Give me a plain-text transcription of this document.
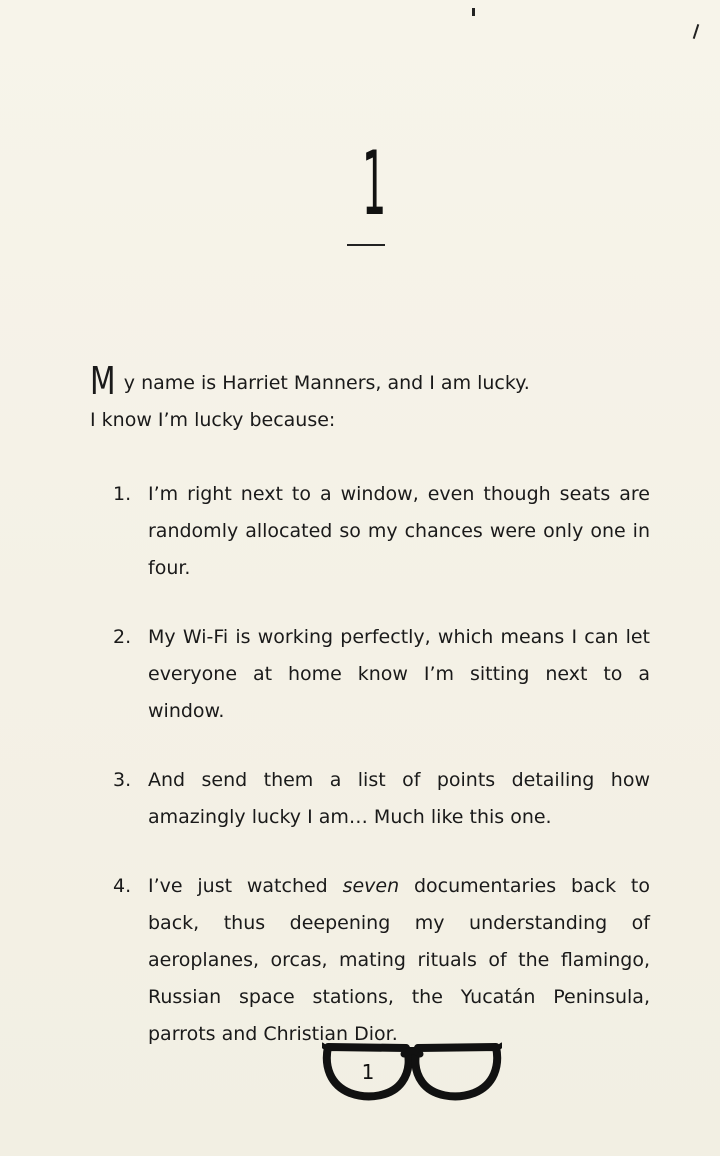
1
My name is Harriet Manners, and I am lucky.
I know I’m lucky because:
1. I’m right next to a window, even though seats are randomly allocated so my chances were only one in four.
2. My Wi-Fi is working perfectly, which means I can let everyone at home know I’m sitting next to a window.
3. And send them a list of points detailing how amazingly lucky I am… Much like this one.
4. I’ve just watched seven documentaries back to back, thus deepening my understanding of aeroplanes, orcas, mating rituals of the flamingo, Russian space stations, the Yucatán Peninsula, parrots and Christian Dior.
1
